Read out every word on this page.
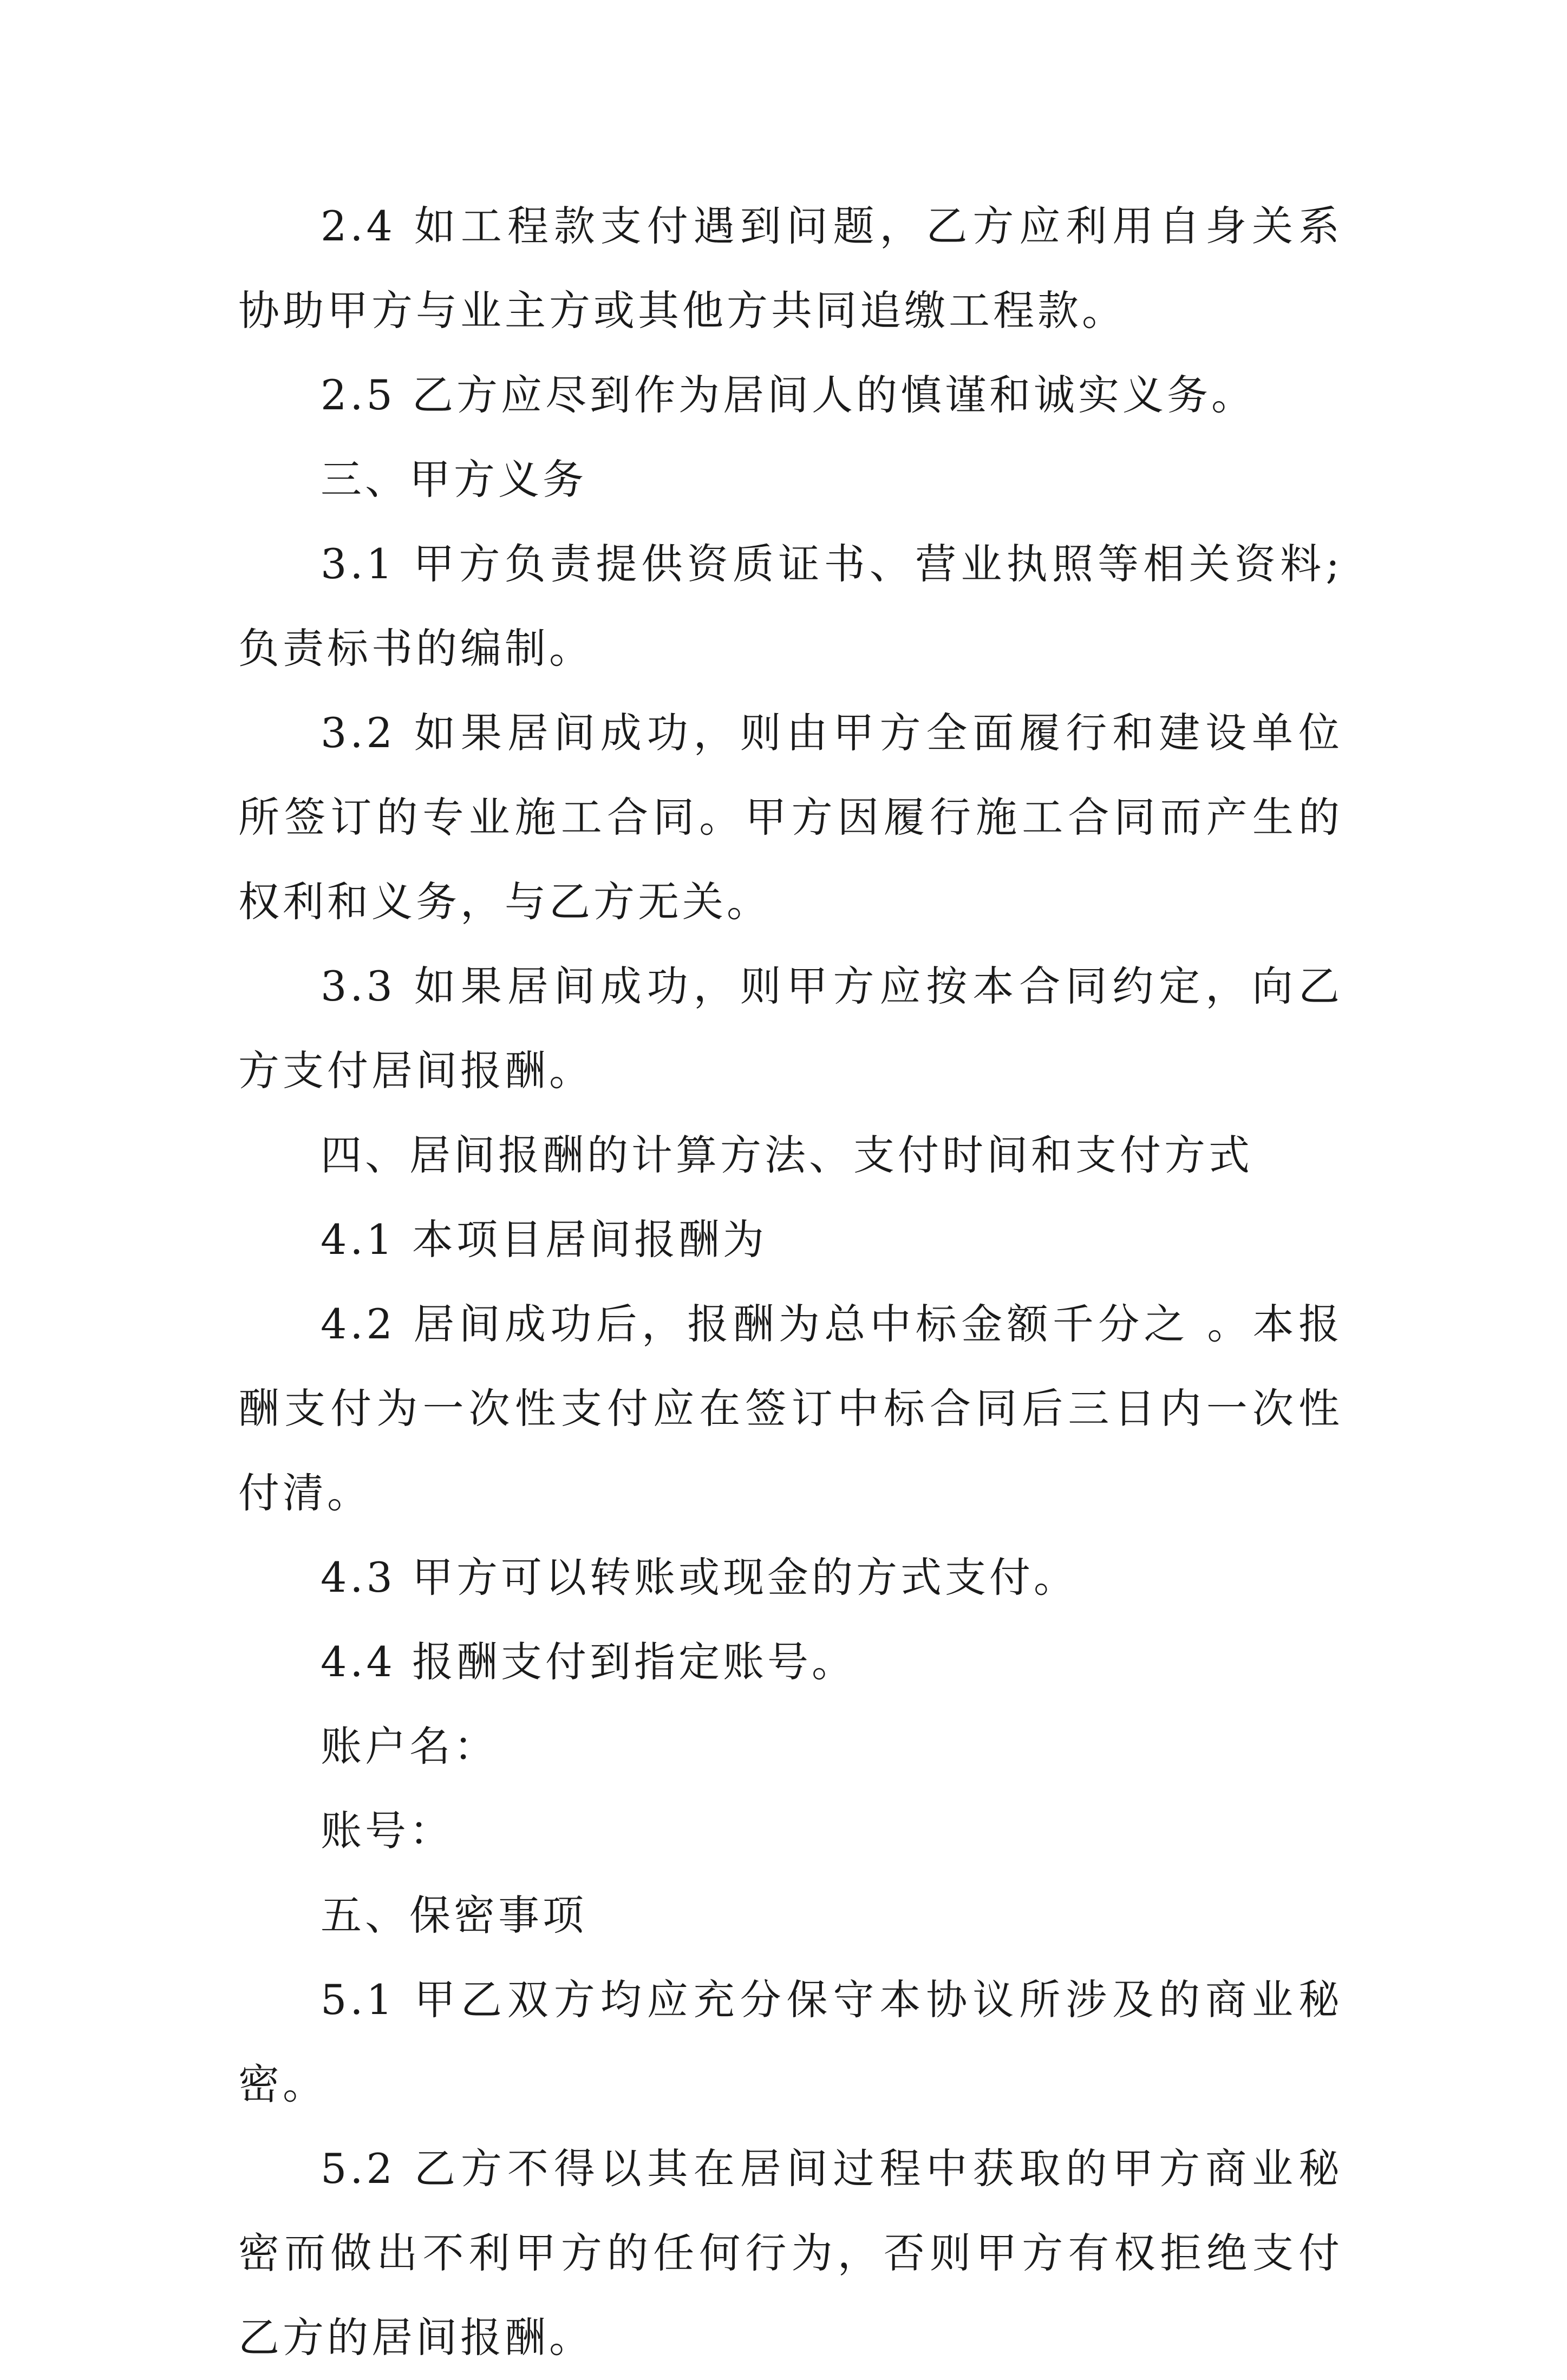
2.4 如工程款支付遇到问题，乙方应利用自身关系协助甲方与业主方或其他方共同追缴工程款。

2.5 乙方应尽到作为居间人的慎谨和诚实义务。

三、甲方义务

3.1 甲方负责提供资质证书、营业执照等相关资料;负责标书的编制。

3.2 如果居间成功，则由甲方全面履行和建设单位所签订的专业施工合同。甲方因履行施工合同而产生的权利和义务，与乙方无关。

3.3 如果居间成功，则甲方应按本合同约定，向乙方支付居间报酬。

四、居间报酬的计算方法、支付时间和支付方式

4.1 本项目居间报酬为

4.2 居间成功后，报酬为总中标金额千分之 。本报酬支付为一次性支付应在签订中标合同后三日内一次性付清。

4.3 甲方可以转账或现金的方式支付。

4.4 报酬支付到指定账号。

账户名：

账号：

五、保密事项

5.1 甲乙双方均应充分保守本协议所涉及的商业秘密。

5.2 乙方不得以其在居间过程中获取的甲方商业秘密而做出不利甲方的任何行为，否则甲方有权拒绝支付乙方的居间报酬。
